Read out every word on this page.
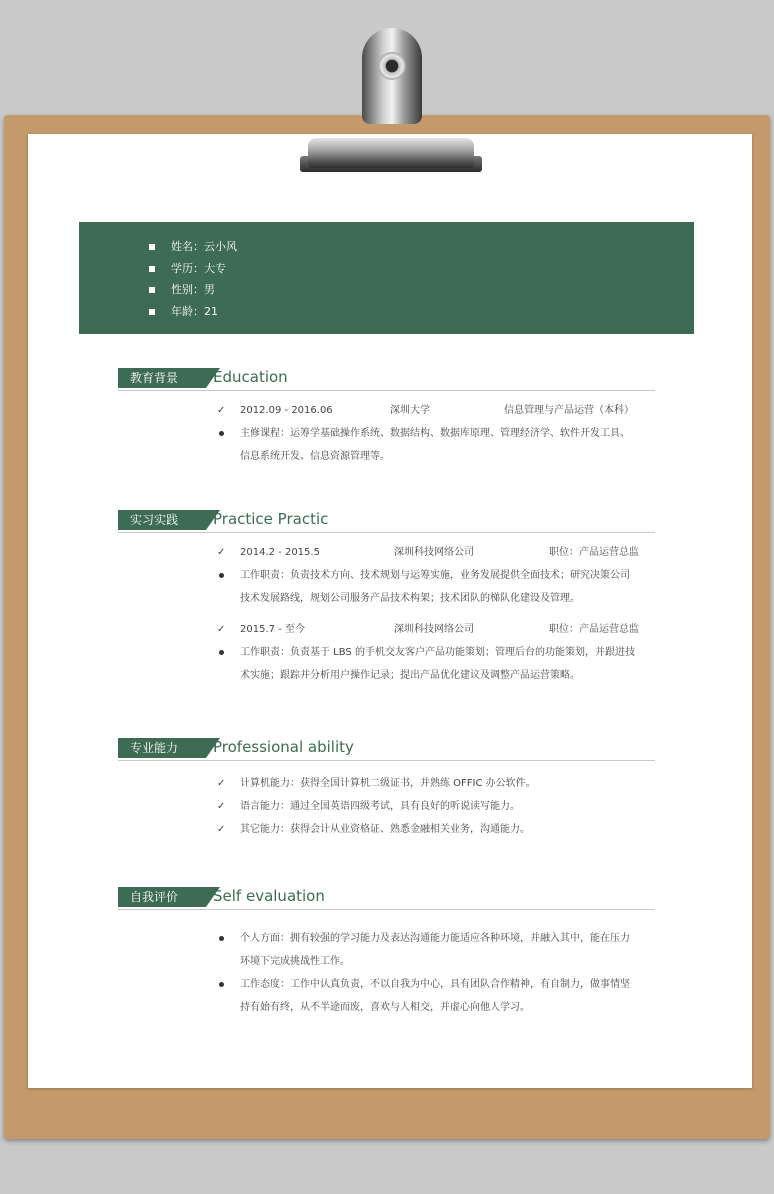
姓名：云小风
学历：大专
性别：男
年龄：21
教育背景	Education
✓ 2012.09 - 2016.06	深圳大学	信息管理与产品运营（本科）

主修课程：运筹学基础操作系统、数据结构、数据库原理、管理经济学、软件开发工具、
信息系统开发、信息资源管理等。
实习实践	Practice Practic
✓ 2014.2 - 2015.5	深圳科技网络公司	职位：产品运营总监

工作职责：负责技术方向、技术规划与运筹实施，业务发展提供全面技术；研究决策公司
技术发展路线，规划公司服务产品技术构架；技术团队的梯队化建设及管理。
✓ 2015.7 - 至今	深圳科技网络公司	职位：产品运营总监

工作职责：负责基于 LBS 的手机交友客户产品功能策划；管理后台的功能策划，并跟进技
术实施；跟踪并分析用户操作记录；提出产品优化建议及调整产品运营策略。
专业能力	Professional ability
✓ 计算机能力：获得全国计算机二级证书，并熟练 OFFIC 办公软件。
✓ 语言能力：通过全国英语四级考试，具有良好的听说读写能力。
✓ 其它能力：获得会计从业资格证、熟悉金融相关业务，沟通能力。
自我评价	Self evaluation
个人方面：拥有较强的学习能力及表达沟通能力能适应各种环境，并融入其中，能在压力
环境下完成挑战性工作。
工作态度：工作中认真负责，不以自我为中心，具有团队合作精神，有自制力，做事情坚
持有始有终，从不半途而废，喜欢与人相交，并虚心向他人学习。
